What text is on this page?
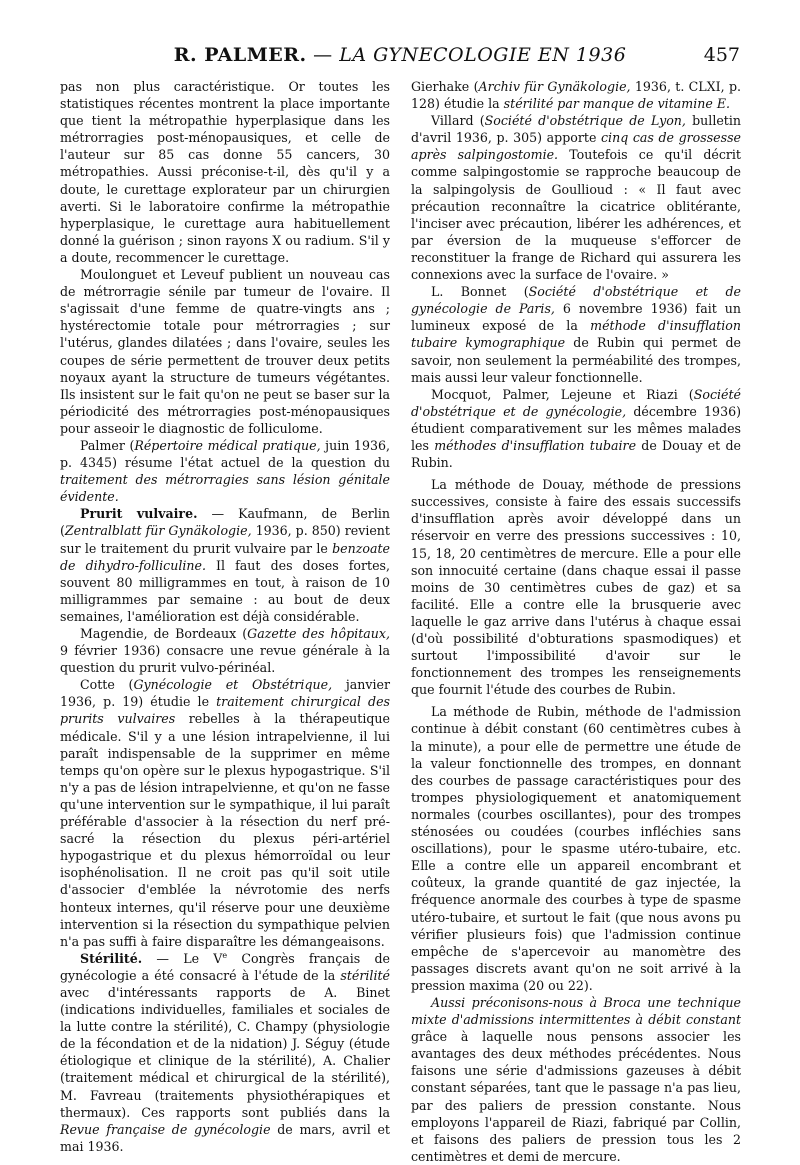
R. PALMER. — LA GYNECOLOGIE EN 1936	457

pas non plus caractéristique. Or toutes les statistiques récentes montrent la place importante que tient la métropathie hyperplasique dans les métrorragies post-ménopausiques, et celle de l'auteur sur 85 cas donne 55 cancers, 30 métropathies. Aussi préconise-t-il, dès qu'il y a doute, le curettage explorateur par un chirurgien averti. Si le laboratoire confirme la métropathie hyperplasique, le curettage aura habituellement donné la guérison ; sinon rayons X ou radium. S'il y a doute, recommencer le curettage.

Moulonguet et Leveuf publient un nouveau cas de métrorragie sénile par tumeur de l'ovaire. Il s'agissait d'une femme de quatre-vingts ans ; hystérectomie totale pour métrorragies ; sur l'utérus, glandes dilatées ; dans l'ovaire, seules les coupes de série permettent de trouver deux petits noyaux ayant la structure de tumeurs végétantes. Ils insistent sur le fait qu'on ne peut se baser sur la périodicité des métrorragies post-ménopausiques pour asseoir le diagnostic de folliculome.

Palmer (Répertoire médical pratique, juin 1936, p. 4345) résume l'état actuel de la question du traitement des métrorragies sans lésion génitale évidente.

Prurit vulvaire. — Kaufmann, de Berlin (Zentralblatt für Gynäkologie, 1936, p. 850) revient sur le traitement du prurit vulvaire par le benzoate de dihydro-folliculine. Il faut des doses fortes, souvent 80 milligrammes en tout, à raison de 10 milligrammes par semaine : au bout de deux semaines, l'amélioration est déjà considérable.

Magendie, de Bordeaux (Gazette des hôpitaux, 9 février 1936) consacre une revue générale à la question du prurit vulvo-périnéal.

Cotte (Gynécologie et Obstétrique, janvier 1936, p. 19) étudie le traitement chirurgical des prurits vulvaires rebelles à la thérapeutique médicale. S'il y a une lésion intrapelvienne, il lui paraît indispensable de la supprimer en même temps qu'on opère sur le plexus hypogastrique. S'il n'y a pas de lésion intrapelvienne, et qu'on ne fasse qu'une intervention sur le sympathique, il lui paraît préférable d'associer à la résection du nerf pré-sacré la résection du plexus péri-artériel hypogastrique et du plexus hémorroïdal ou leur isophénolisation. Il ne croit pas qu'il soit utile d'associer d'emblée la névrotomie des nerfs honteux internes, qu'il réserve pour une deuxième intervention si la résection du sympathique pelvien n'a pas suffi à faire disparaître les démangeaisons.

Stérilité. — Le Ve Congrès français de gynécologie a été consacré à l'étude de la stérilité avec d'intéressants rapports de A. Binet (indications individuelles, familiales et sociales de la lutte contre la stérilité), C. Champy (physiologie de la fécondation et de la nidation) J. Séguy (étude étiologique et clinique de la stérilité), A. Chalier (traitement médical et chirurgical de la stérilité), M. Favreau (traitements physiothérapiques et thermaux). Ces rapports sont publiés dans la Revue française de gynécologie de mars, avril et mai 1936.

Gierhake (Archiv für Gynäkologie, 1936, t. CLXI, p. 128) étudie la stérilité par manque de vitamine E.

Villard (Société d'obstétrique de Lyon, bulletin d'avril 1936, p. 305) apporte cinq cas de grossesse après salpingostomie. Toutefois ce qu'il décrit comme salpingostomie se rapproche beaucoup de la salpingolysis de Goullioud : « Il faut avec précaution reconnaître la cicatrice oblitérante, l'inciser avec précaution, libérer les adhérences, et par éversion de la muqueuse s'efforcer de reconstituer la frange de Richard qui assurera les connexions avec la surface de l'ovaire. »

L. Bonnet (Société d'obstétrique et de gynécologie de Paris, 6 novembre 1936) fait un lumineux exposé de la méthode d'insufflation tubaire kymographique de Rubin qui permet de savoir, non seulement la perméabilité des trompes, mais aussi leur valeur fonctionnelle.

Mocquot, Palmer, Lejeune et Riazi (Société d'obstétrique et de gynécologie, décembre 1936) étudient comparativement sur les mêmes malades les méthodes d'insufflation tubaire de Douay et de Rubin.

La méthode de Douay, méthode de pressions successives, consiste à faire des essais successifs d'insufflation après avoir développé dans un réservoir en verre des pressions successives : 10, 15, 18, 20 centimètres de mercure. Elle a pour elle son innocuité certaine (dans chaque essai il passe moins de 30 centimètres cubes de gaz) et sa facilité. Elle a contre elle la brusquerie avec laquelle le gaz arrive dans l'utérus à chaque essai (d'où possibilité d'obturations spasmodiques) et surtout l'impossibilité d'avoir sur le fonctionnement des trompes les renseignements que fournit l'étude des courbes de Rubin.

La méthode de Rubin, méthode de l'admission continue à débit constant (60 centimètres cubes à la minute), a pour elle de permettre une étude de la valeur fonctionnelle des trompes, en donnant des courbes de passage caractéristiques pour des trompes physiologiquement et anatomiquement normales (courbes oscillantes), pour des trompes sténosées ou coudées (courbes infléchies sans oscillations), pour le spasme utéro-tubaire, etc. Elle a contre elle un appareil encombrant et coûteux, la grande quantité de gaz injectée, la fréquence anormale des courbes à type de spasme utéro-tubaire, et surtout le fait (que nous avons pu vérifier plusieurs fois) que l'admission continue empêche de s'apercevoir au manomètre des passages discrets avant qu'on ne soit arrivé à la pression maxima (20 ou 22).

Aussi préconisons-nous à Broca une technique mixte d'admissions intermittentes à débit constant grâce à laquelle nous pensons associer les avantages des deux méthodes précédentes. Nous faisons une série d'admissions gazeuses à débit constant séparées, tant que le passage n'a pas lieu, par des paliers de pression constante. Nous employons l'appareil de Riazi, fabriqué par Collin, et faisons des paliers de pression tous les 2 centimètres et demi de mercure.
